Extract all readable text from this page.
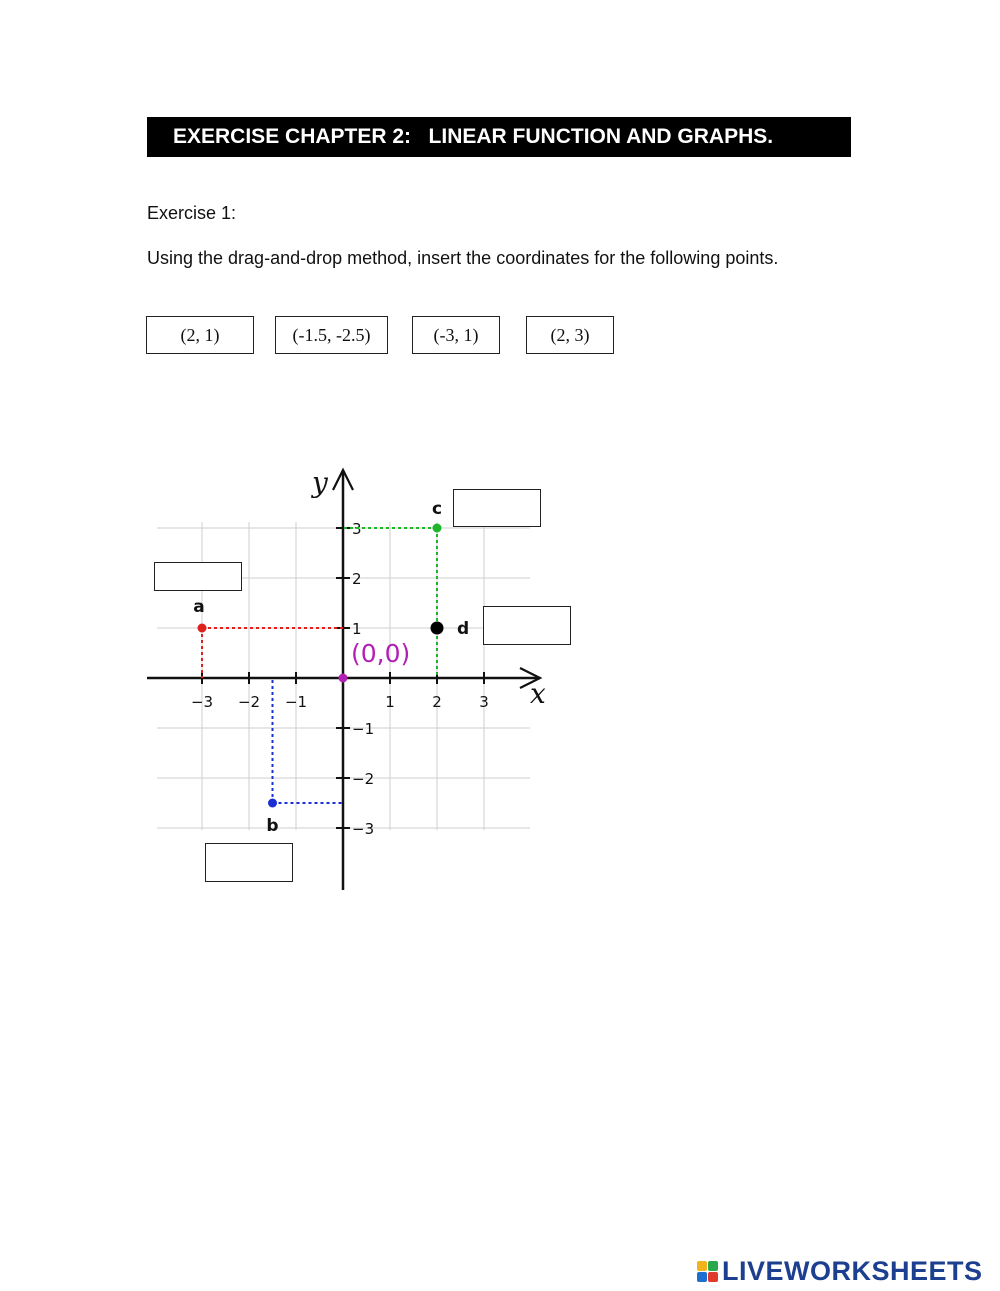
EXERCISE CHAPTER 2:   LINEAR FUNCTION AND GRAPHS.
Exercise 1:
Using the drag-and-drop method, insert the coordinates for the following points.
(2, 1)	(-1.5, -2.5)	(-3, 1)	(2, 3)
−3 −2 −1	1 2 3
3
2
1
−1
−2
−3
x
y
a
b
c
d
(0,0)
LIVEWORKSHEETS
